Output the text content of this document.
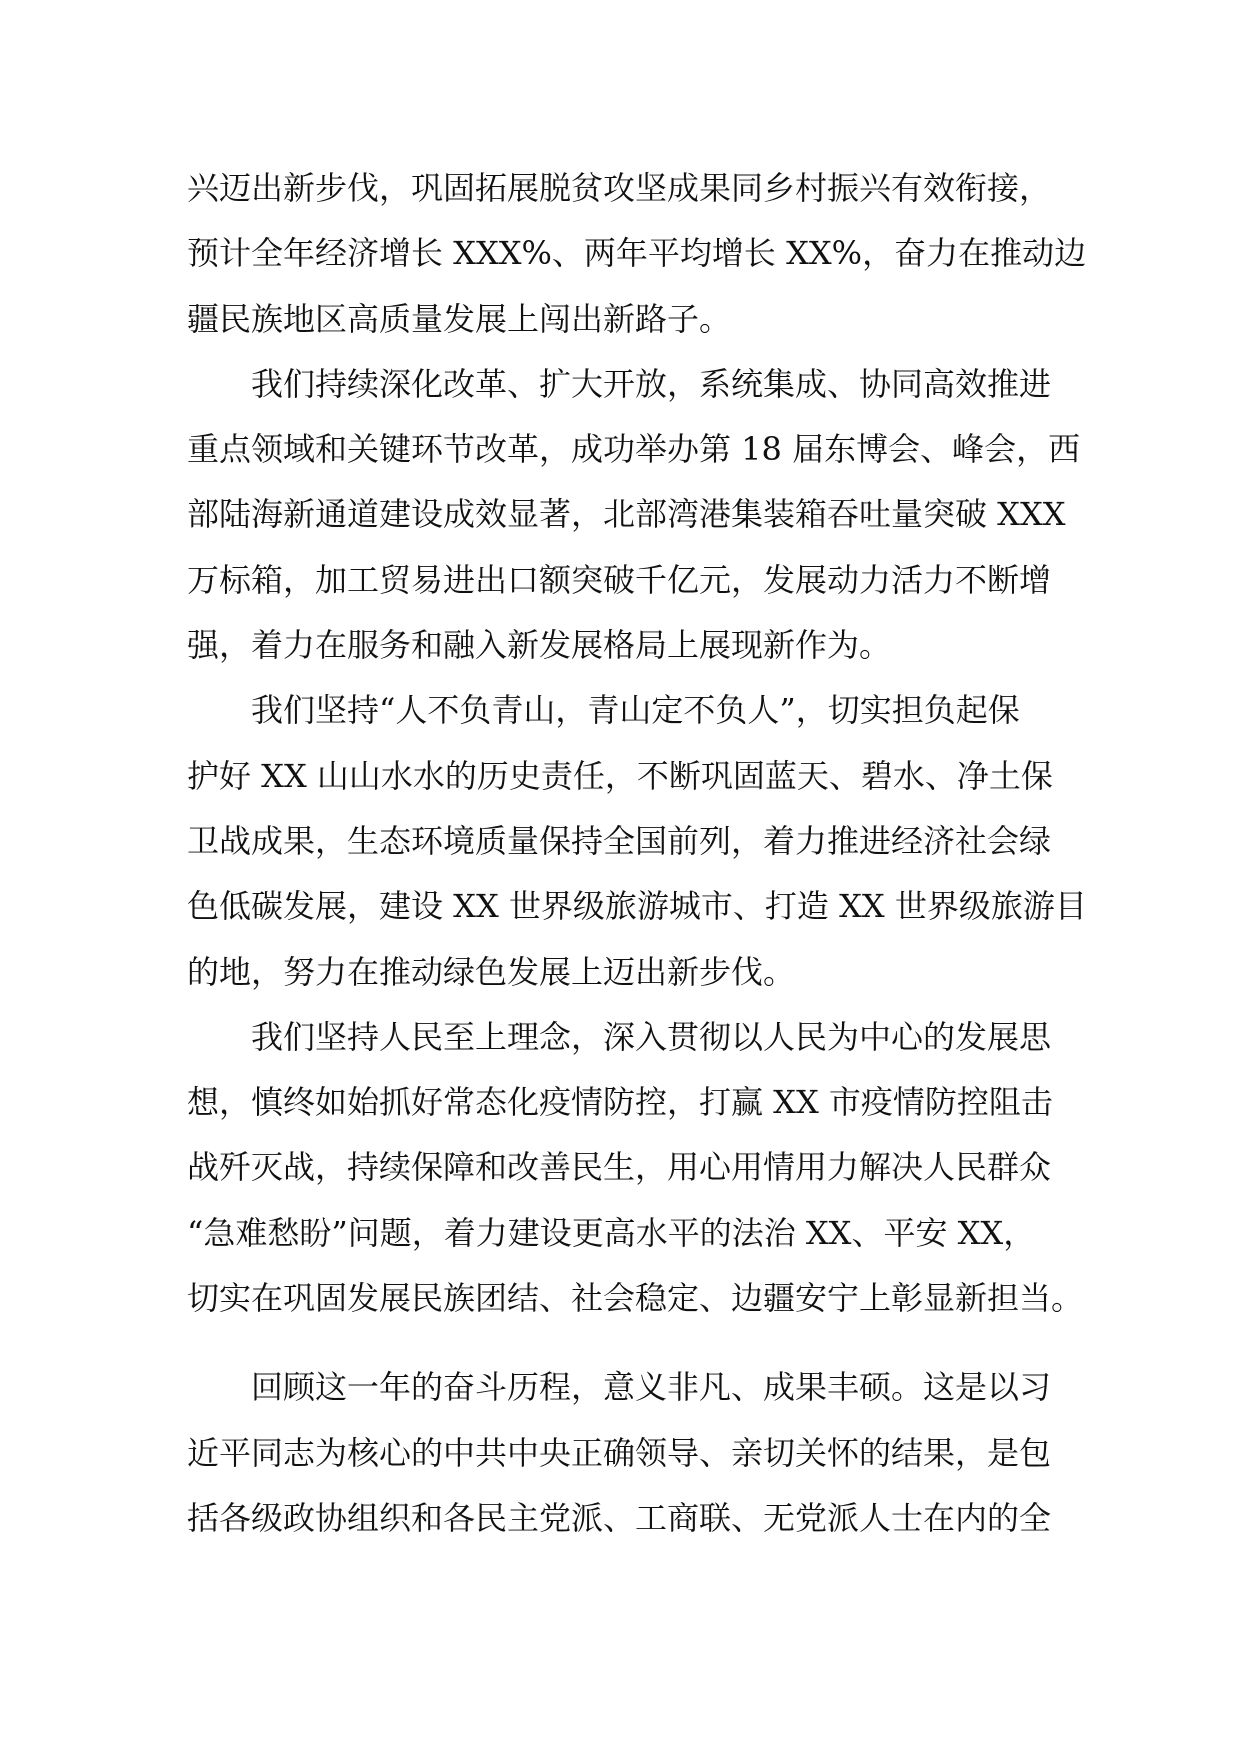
兴迈出新步伐，巩固拓展脱贫攻坚成果同乡村振兴有效衔接，
预计全年经济增长 XXX%、两年平均增长 XX%，奋力在推动边
疆民族地区高质量发展上闯出新路子。
我们持续深化改革、扩大开放，系统集成、协同高效推进
重点领域和关键环节改革，成功举办第 18 届东博会、峰会，西
部陆海新通道建设成效显著，北部湾港集装箱吞吐量突破 XXX
万标箱，加工贸易进出口额突破千亿元，发展动力活力不断增
强，着力在服务和融入新发展格局上展现新作为。
我们坚持“人不负青山，青山定不负人”，切实担负起保
护好 XX 山山水水的历史责任，不断巩固蓝天、碧水、净土保
卫战成果，生态环境质量保持全国前列，着力推进经济社会绿
色低碳发展，建设 XX 世界级旅游城市、打造 XX 世界级旅游目
的地，努力在推动绿色发展上迈出新步伐。
我们坚持人民至上理念，深入贯彻以人民为中心的发展思
想，慎终如始抓好常态化疫情防控，打赢 XX 市疫情防控阻击
战歼灭战，持续保障和改善民生，用心用情用力解决人民群众
“急难愁盼”问题，着力建设更高水平的法治 XX、平安 XX，
切实在巩固发展民族团结、社会稳定、边疆安宁上彰显新担当。
回顾这一年的奋斗历程，意义非凡、成果丰硕。这是以习
近平同志为核心的中共中央正确领导、亲切关怀的结果，是包
括各级政协组织和各民主党派、工商联、无党派人士在内的全
